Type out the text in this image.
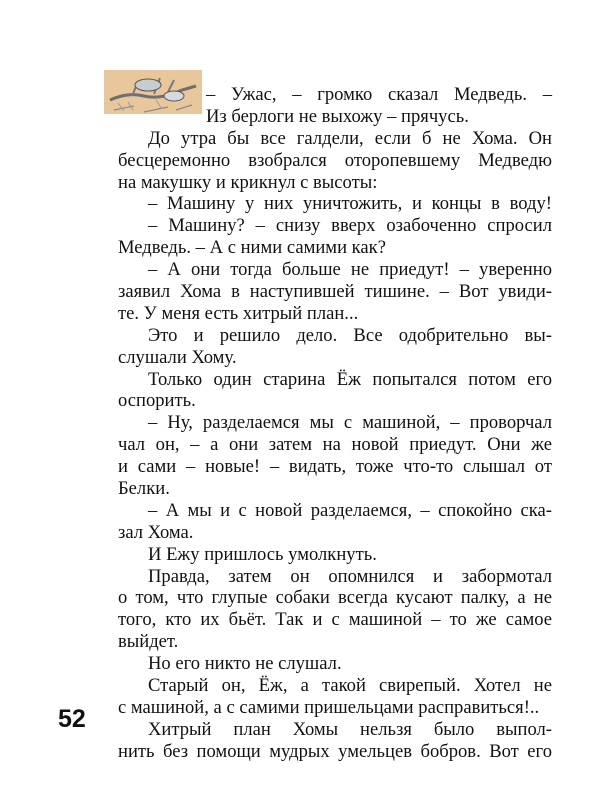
– Ужас, – громко сказал Медведь. –
Из берлоги не выхожу – прячусь.
До утра бы все галдели, если б не Хома. Он
бесцеремонно взобрался оторопевшему Медведю
на макушку и крикнул с высоты:
– Машину у них уничтожить, и концы в воду!
– Машину? – снизу вверх озабоченно спросил
Медведь. – А с ними самими как?
– А они тогда больше не приедут! – уверенно
заявил Хома в наступившей тишине. – Вот увиди-
те. У меня есть хитрый план...
Это и решило дело. Все одобрительно вы-
слушали Хому.
Только один старина Ёж попытался потом его
оспорить.
– Ну, разделаемся мы с машиной, – проворчал
чал он, – а они затем на новой приедут. Они же
и сами – новые! – видать, тоже что-то слышал от
Белки.
– А мы и с новой разделаемся, – спокойно ска-
зал Хома.
И Ежу пришлось умолкнуть.
Правда, затем он опомнился и забормотал
о том, что глупые собаки всегда кусают палку, а не
того, кто их бьёт. Так и с машиной – то же самое
выйдет.
Но его никто не слушал.
Старый он, Ёж, а такой свирепый. Хотел не
с машиной, а с самими пришельцами расправиться!..
Хитрый план Хомы нельзя было выпол-
нить без помощи мудрых умельцев бобров. Вот его
52
